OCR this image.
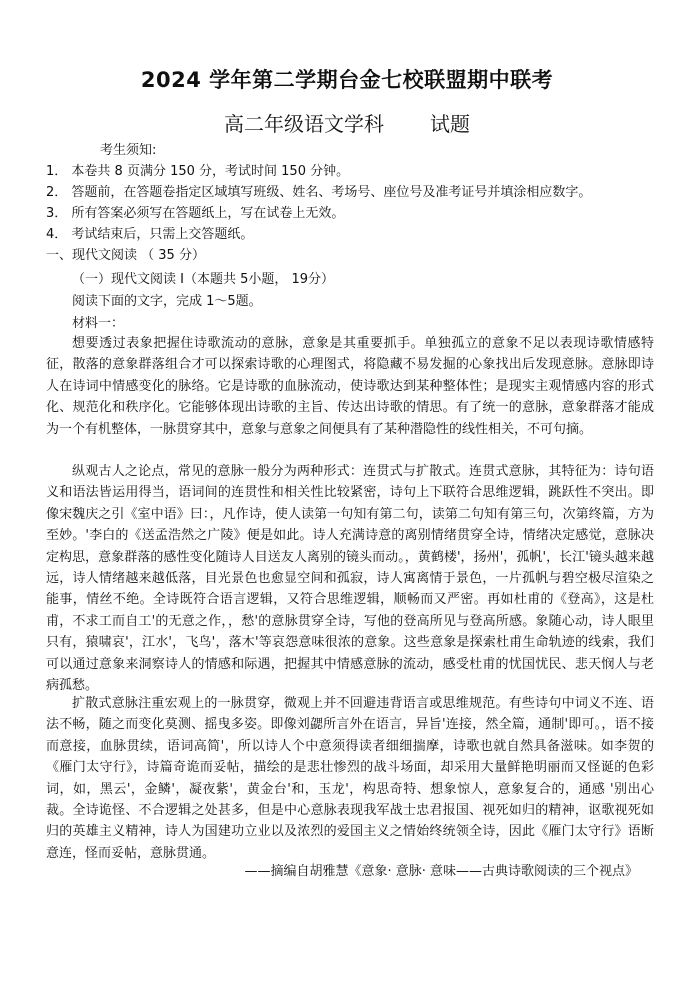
2024 学年第二学期台金七校联盟期中联考
高二年级语文学科 试题
考生须知:
1． 本卷共 8 页满分 150 分，考试时间 150 分钟。
2． 答题前，在答题卷指定区域填写班级、姓名、考场号、座位号及准考证号并填涂相应数字。
3． 所有答案必须写在答题纸上，写在试卷上无效。
4． 考试结束后，只需上交答题纸。
一、现代文阅读 （ 35 分）
（一）现代文阅读 I（本题共 5小题， 19分）
阅读下面的文字，完成 1～5题。
材料一：
想要透过表象把握住诗歌流动的意脉，意象是其重要抓手。单独孤立的意象不足以表现诗歌情感特征，散落的意象群落组合才可以探索诗歌的心理图式，将隐藏不易发掘的心象找出后发现意脉。意脉即诗人在诗词中情感变化的脉络。它是诗歌的血脉流动，使诗歌达到某种整体性；是现实主观情感内容的形式化、规范化和秩序化。它能够体现出诗歌的主旨、传达出诗歌的情思。有了统一的意脉，意象群落才能成为一个有机整体，一脉贯穿其中，意象与意象之间便具有了某种潜隐性的线性相关，不可句摘。
纵观古人之论点，常见的意脉一般分为两种形式：连贯式与扩散式。连贯式意脉，其特征为：诗句语义和语法皆运用得当，语词间的连贯性和相关性比较紧密，诗句上下联符合思维逻辑，跳跃性不突出。即像宋魏庆之引《室中语》曰：，凡作诗，使人读第一句知有第二句，读第二句知有第三句，次第终篇，方为至妙。'李白的《送孟浩然之广陵》便是如此。诗人充满诗意的离别情绪贯穿全诗，情绪决定感觉，意脉决定构思，意象群落的感性变化随诗人目送友人离别的镜头而动。，黄鹤楼'，扬州'，孤帆'，长江'镜头越来越远，诗人情绪越来越低落，目光景色也愈显空间和孤寂，诗人寓离情于景色，一片孤帆与碧空极尽渲染之能事，情丝不绝。全诗既符合语言逻辑，又符合思维逻辑，顺畅而又严密。再如杜甫的《登高》，这是杜甫，不求工而自工'的无意之作，，愁'的意脉贯穿全诗，写他的登高所见与登高所感。象随心动，诗人眼里只有，猿啸哀'，江水'，飞鸟'，落木'等哀怨意味很浓的意象。这些意象是探索杜甫生命轨迹的线索，我们可以通过意象来洞察诗人的情感和际遇，把握其中情感意脉的流动，感受杜甫的忧国忧民、悲天悯人与老病孤愁。
扩散式意脉注重宏观上的一脉贯穿，微观上并不回避违背语言或思维规范。有些诗句中词义不连、语法不畅，随之而变化莫测、摇曳多姿。即像刘勰所言外在语言，异旨'连接，然全篇，通制'即可。，语不接而意接，血脉贯续，语词高简'，所以诗人个中意须得读者细细揣摩，诗歌也就自然具备滋味。如李贺的《雁门太守行》，诗篇奇诡而妥帖，描绘的是悲壮惨烈的战斗场面，却采用大量鲜艳明丽而又怪诞的色彩词，如，黑云'，金鳞'，凝夜紫'，黄金台'和，玉龙'，构思奇特、想象惊人，意象复合的，通感 '别出心裁。全诗诡怪、不合逻辑之处甚多，但是中心意脉表现我军战士忠君报国、视死如归的精神，讴歌视死如归的英雄主义精神，诗人为国建功立业以及浓烈的爱国主义之情始终统领全诗，因此《雁门太守行》语断意连，怪而妥帖，意脉贯通。
——摘编自胡雅慧《意象· 意脉· 意味——古典诗歌阅读的三个视点》
